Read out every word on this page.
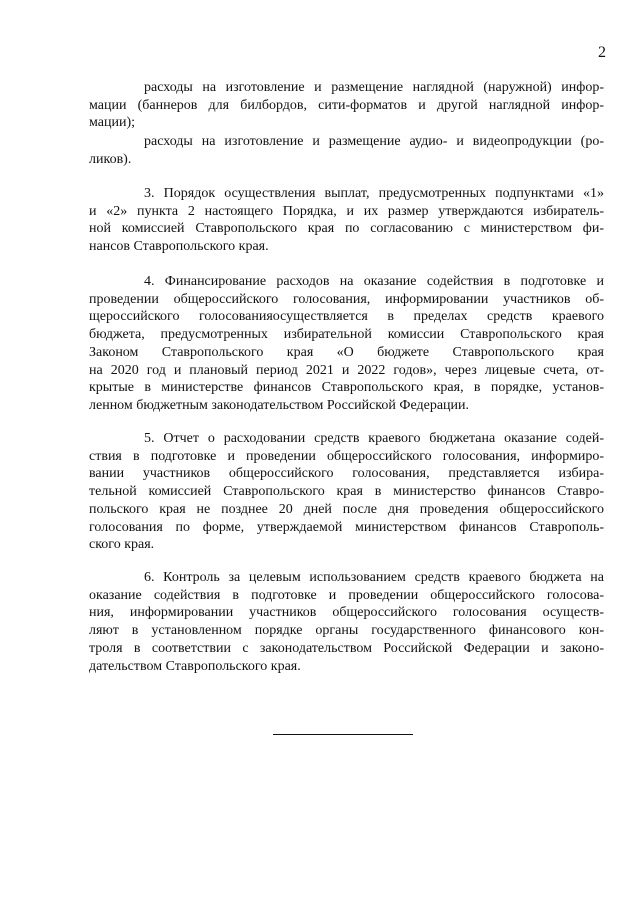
2
расходы на изготовление и размещение наглядной (наружной) инфор-
мации (баннеров для билбордов, сити-форматов и другой наглядной инфор-
мации);
расходы на изготовление и размещение аудио- и видеопродукции (ро-
ликов).
3. Порядок осуществления выплат, предусмотренных подпунктами «1»
и «2» пункта 2 настоящего Порядка, и их размер утверждаются избиратель-
ной комиссией Ставропольского края по согласованию с министерством фи-
нансов Ставропольского края.
4. Финансирование расходов на оказание содействия в подготовке и
проведении общероссийского голосования, информировании участников об-
щероссийского голосованияосуществляется в пределах средств краевого
бюджета, предусмотренных избирательной комиссии Ставропольского края
Законом Ставропольского края «О бюджете Ставропольского края
на 2020 год и плановый период 2021 и 2022 годов», через лицевые счета, от-
крытые в министерстве финансов Ставропольского края, в порядке, установ-
ленном бюджетным законодательством Российской Федерации.
5. Отчет о расходовании средств краевого бюджетана оказание содей-
ствия в подготовке и проведении общероссийского голосования, информиро-
вании участников общероссийского голосования, представляется избира-
тельной комиссией Ставропольского края в министерство финансов Ставро-
польского края не позднее 20 дней после дня проведения общероссийского
голосования по форме, утверждаемой министерством финансов Ставрополь-
ского края.
6. Контроль за целевым использованием средств краевого бюджета на
оказание содействия в подготовке и проведении общероссийского голосова-
ния, информировании участников общероссийского голосования осуществ-
ляют в установленном порядке органы государственного финансового кон-
троля в соответствии с законодательством Российской Федерации и законо-
дательством Ставропольского края.
